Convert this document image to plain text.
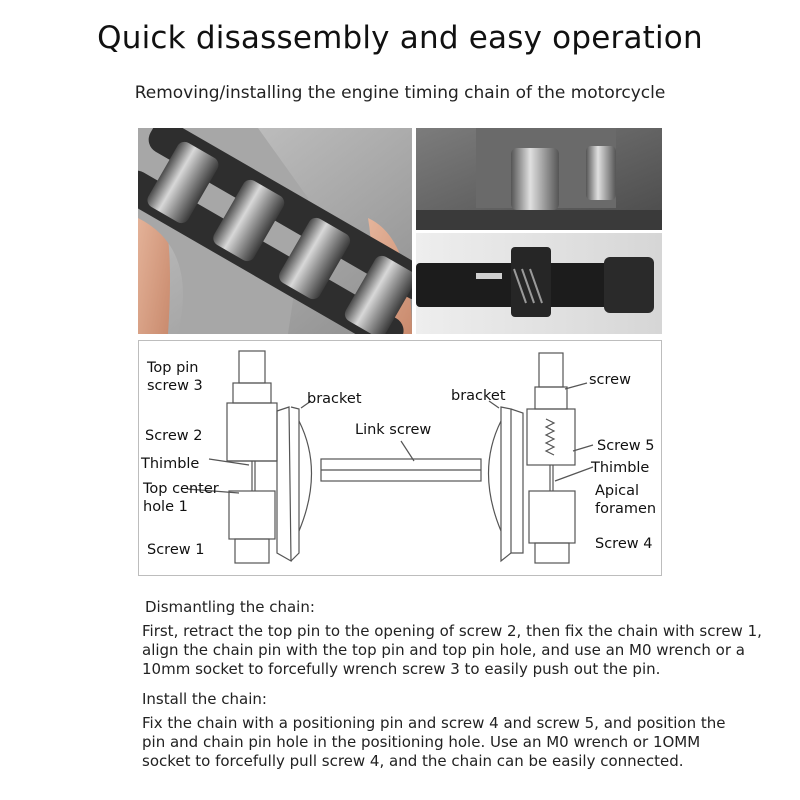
Quick disassembly and easy operation
Removing/installing the engine timing chain of the motorcycle
Top pin
screw 3
bracket	bracket
screw
Link screw
Screw 2
Screw 5
Thimble	Thimble
Top center
hole 1
Apical
foramen
Screw 1	Screw 4
Dismantling the chain:
First, retract the top pin to the opening of screw 2, then fix the chain with screw 1,
align the chain pin with the top pin and top pin hole, and use an M0 wrench or a
10mm socket to forcefully wrench screw 3 to easily push out the pin.
Install the chain:
Fix the chain with a positioning pin and screw 4 and screw 5, and position the
pin and chain pin hole in the positioning hole. Use an M0 wrench or 1OMM
socket to forcefully pull screw 4, and the chain can be easily connected.
